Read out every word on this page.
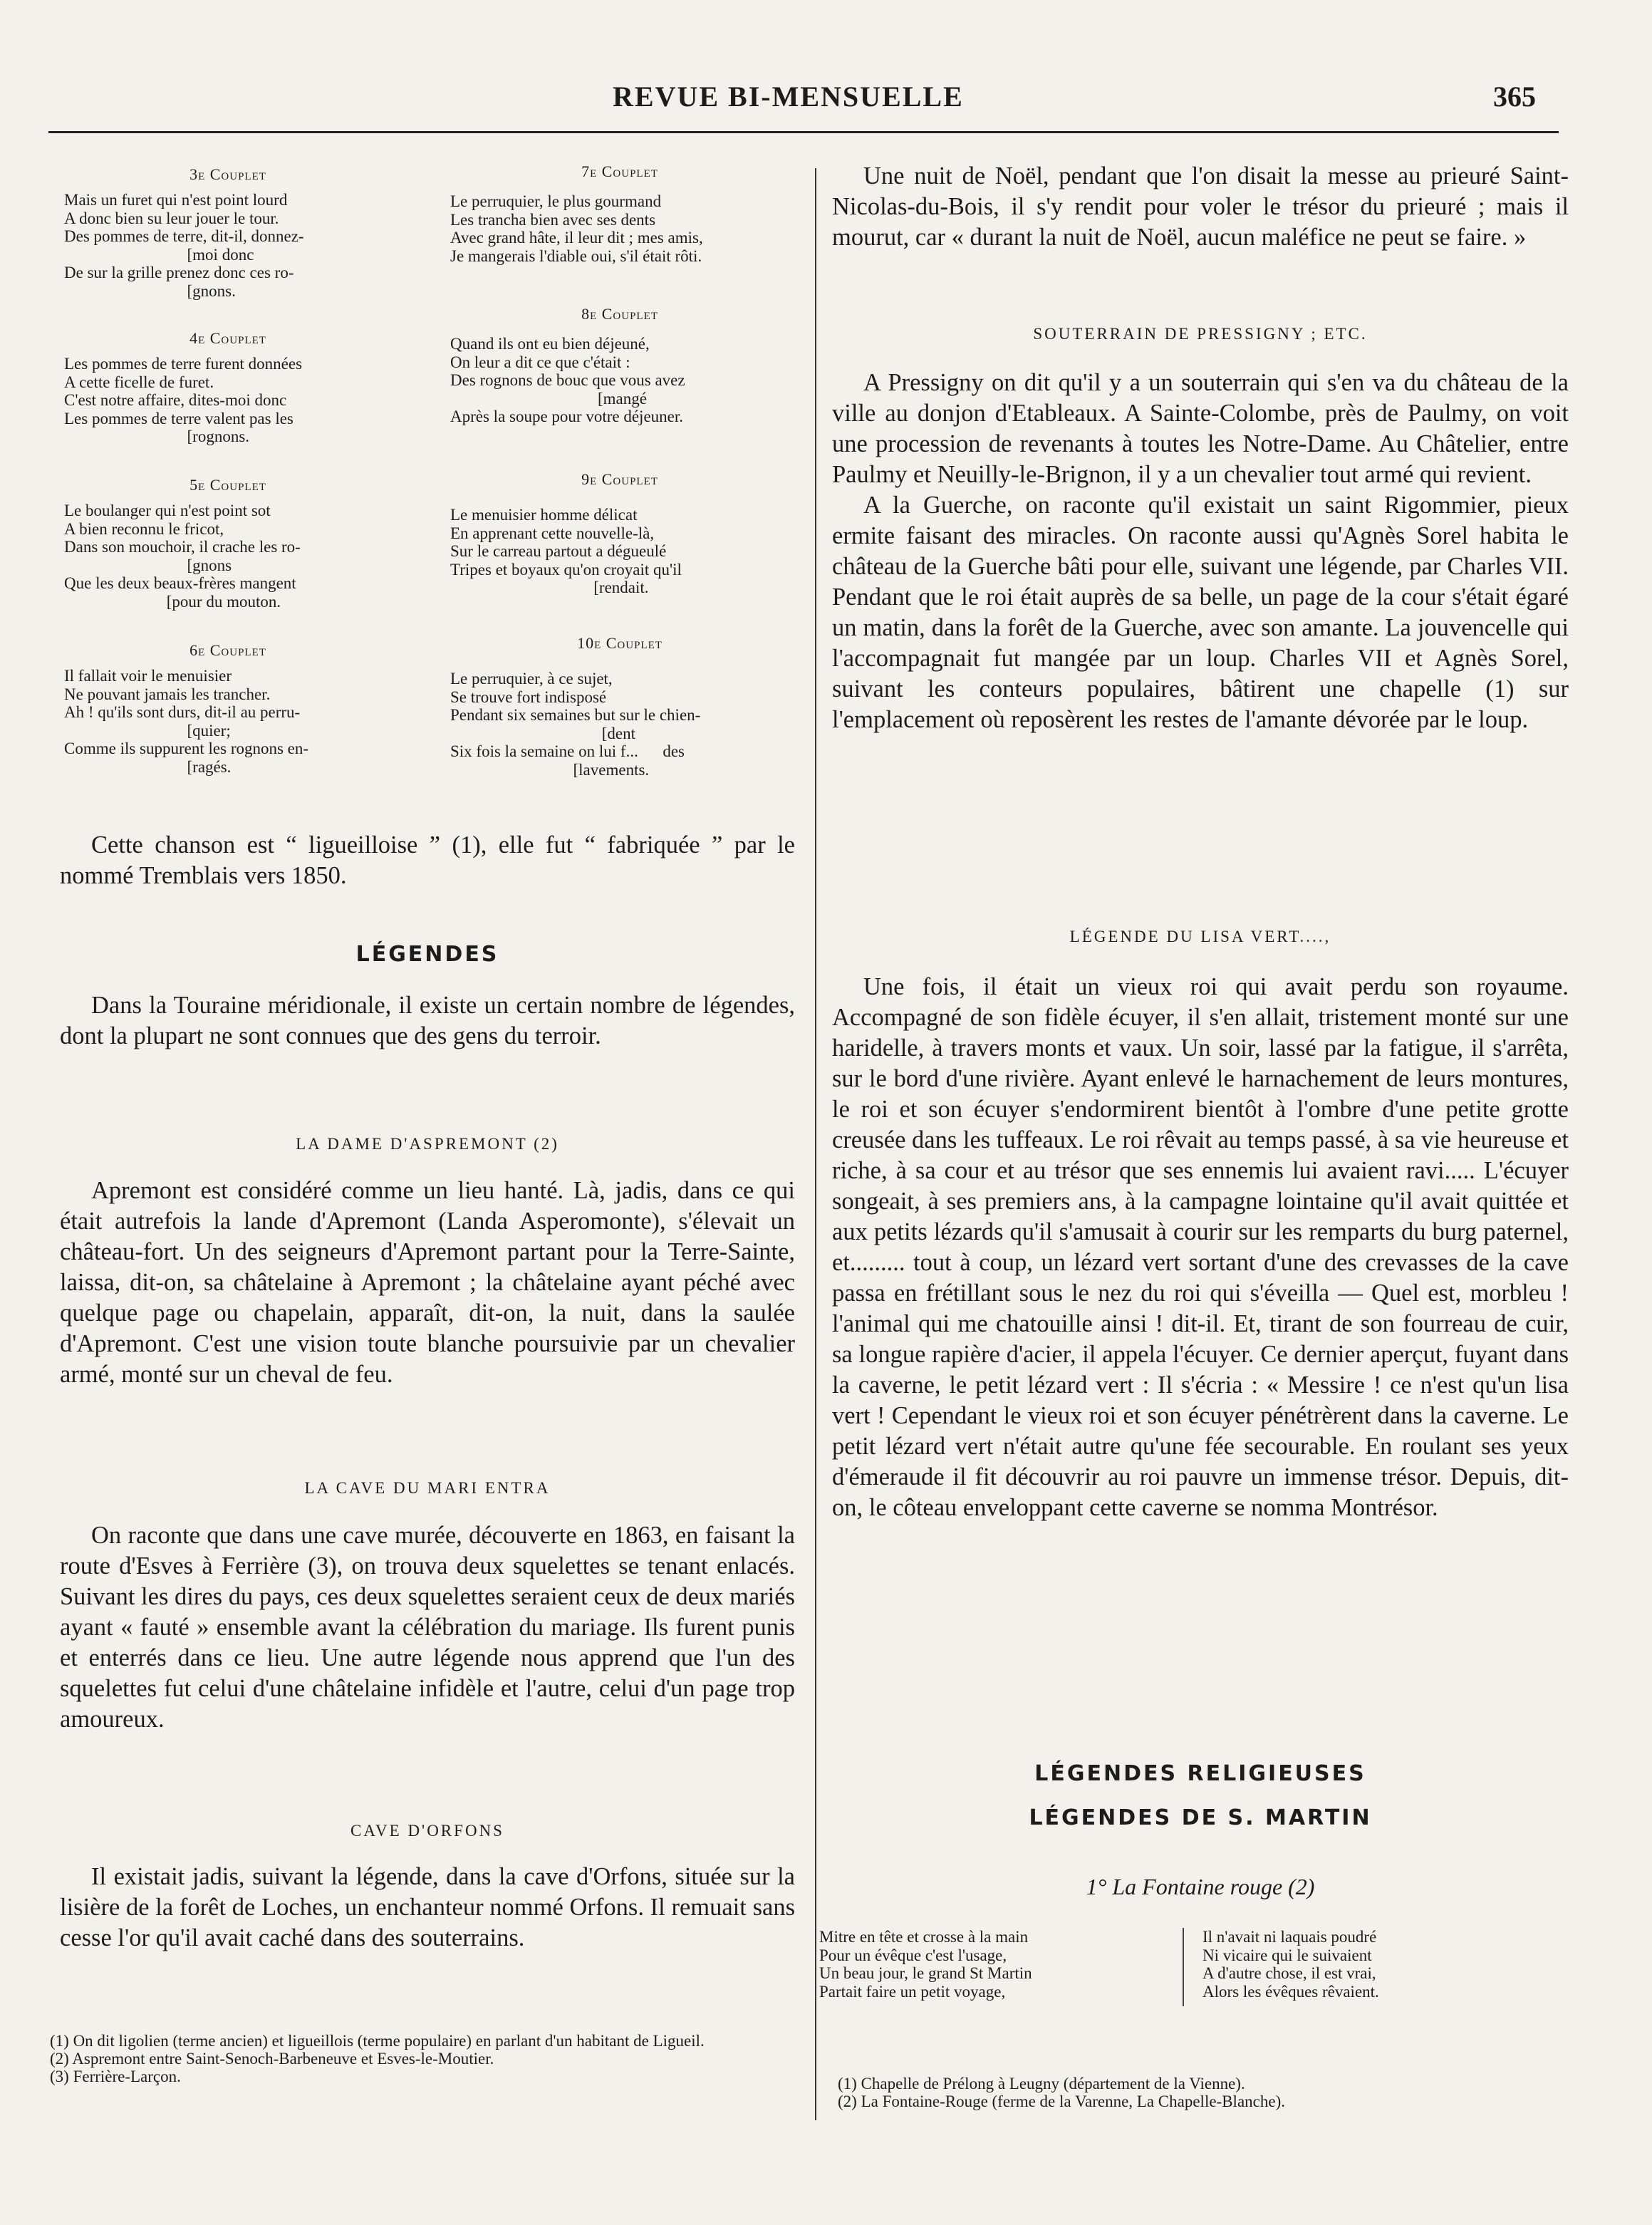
REVUE BI-MENSUELLE	365
3e Couplet
Mais un furet qui n'est point lourd
A donc bien su leur jouer le tour.
Des pommes de terre, dit-il, donnez-
[moi donc
De sur la grille prenez donc ces ro-
[gnons.
4e Couplet
Les pommes de terre furent données
A cette ficelle de furet.
C'est notre affaire, dites-moi donc
Les pommes de terre valent pas les
[rognons.
5e Couplet
Le boulanger qui n'est point sot
A bien reconnu le fricot,
Dans son mouchoir, il crache les ro-
[gnons
Que les deux beaux-frères mangent
[pour du mouton.
6e Couplet
Il fallait voir le menuisier
Ne pouvant jamais les trancher.
Ah ! qu'ils sont durs, dit-il au perru-
[quier;
Comme ils suppurent les rognons en-
[ragés.
7e Couplet
Le perruquier, le plus gourmand
Les trancha bien avec ses dents
Avec grand hâte, il leur dit ; mes amis,
Je mangerais l'diable oui, s'il était rôti.
8e Couplet
Quand ils ont eu bien déjeuné,
On leur a dit ce que c'était :
Des rognons de bouc que vous avez
[mangé
Après la soupe pour votre déjeuner.
9e Couplet
Le menuisier homme délicat
En apprenant cette nouvelle-là,
Sur le carreau partout a dégueulé
Tripes et boyaux qu'on croyait qu'il
[rendait.
10e Couplet
Le perruquier, à ce sujet,
Se trouve fort indisposé
Pendant six semaines but sur le chien-
[dent
Six fois la semaine on lui f...      des
[lavements.

Cette chanson est “ ligueilloise ” (1), elle fut “ fabriquée ” par le nommé Tremblais vers 1850.

LÉGENDES

Dans la Touraine méridionale, il existe un certain nombre de légendes, dont la plupart ne sont connues que des gens du terroir.

LA DAME D'ASPREMONT (2)

Apremont est considéré comme un lieu hanté. Là, jadis, dans ce qui était autrefois la lande d'Apremont (Landa Asperomonte), s'élevait un château-fort. Un des seigneurs d'Apremont partant pour la Terre-Sainte, laissa, dit-on, sa châtelaine à Apremont ; la châtelaine ayant péché avec quelque page ou chapelain, apparaît, dit-on, la nuit, dans la saulée d'Apremont. C'est une vision toute blanche poursuivie par un chevalier armé, monté sur un cheval de feu.

LA CAVE DU MARI ENTRA

On raconte que dans une cave murée, découverte en 1863, en faisant la route d'Esves à Ferrière (3), on trouva deux squelettes se tenant enlacés. Suivant les dires du pays, ces deux squelettes seraient ceux de deux mariés ayant « fauté » ensemble avant la célébration du mariage. Ils furent punis et enterrés dans ce lieu. Une autre légende nous apprend que l'un des squelettes fut celui d'une châtelaine infidèle et l'autre, celui d'un page trop amoureux.

CAVE D'ORFONS

Il existait jadis, suivant la légende, dans la cave d'Orfons, située sur la lisière de la forêt de Loches, un enchanteur nommé Orfons. Il remuait sans cesse l'or qu'il avait caché dans des souterrains.

(1) On dit ligolien (terme ancien) et ligueillois (terme populaire) en parlant d'un habitant de Ligueil.
(2) Aspremont entre Saint-Senoch-Barbeneuve et Esves-le-Moutier.
(3) Ferrière-Larçon.

Une nuit de Noël, pendant que l'on disait la messe au prieuré Saint-Nicolas-du-Bois, il s'y rendit pour voler le trésor du prieuré ; mais il mourut, car « durant la nuit de Noël, aucun maléfice ne peut se faire. »

SOUTERRAIN DE PRESSIGNY ; ETC.

A Pressigny on dit qu'il y a un souterrain qui s'en va du château de la ville au donjon d'Etableaux. A Sainte-Colombe, près de Paulmy, on voit une procession de revenants à toutes les Notre-Dame. Au Châtelier, entre Paulmy et Neuilly-le-Brignon, il y a un chevalier tout armé qui revient.

A la Guerche, on raconte qu'il existait un saint Rigommier, pieux ermite faisant des miracles. On raconte aussi qu'Agnès Sorel habita le château de la Guerche bâti pour elle, suivant une légende, par Charles VII. Pendant que le roi était auprès de sa belle, un page de la cour s'était égaré un matin, dans la forêt de la Guerche, avec son amante. La jouvencelle qui l'accompagnait fut mangée par un loup. Charles VII et Agnès Sorel, suivant les conteurs populaires, bâtirent une chapelle (1) sur l'emplacement où reposèrent les restes de l'amante dévorée par le loup.

LÉGENDE DU LISA VERT....,

Une fois, il était un vieux roi qui avait perdu son royaume. Accompagné de son fidèle écuyer, il s'en allait, tristement monté sur une haridelle, à travers monts et vaux. Un soir, lassé par la fatigue, il s'arrêta, sur le bord d'une rivière. Ayant enlevé le harnachement de leurs montures, le roi et son écuyer s'endormirent bientôt à l'ombre d'une petite grotte creusée dans les tuffeaux. Le roi rêvait au temps passé, à sa vie heureuse et riche, à sa cour et au trésor que ses ennemis lui avaient ravi..... L'écuyer songeait, à ses premiers ans, à la campagne lointaine qu'il avait quittée et aux petits lézards qu'il s'amusait à courir sur les remparts du burg paternel, et......... tout à coup, un lézard vert sortant d'une des crevasses de la cave passa en frétillant sous le nez du roi qui s'éveilla — Quel est, morbleu ! l'animal qui me chatouille ainsi ! dit-il. Et, tirant de son fourreau de cuir, sa longue rapière d'acier, il appela l'écuyer. Ce dernier aperçut, fuyant dans la caverne, le petit lézard vert : Il s'écria : « Messire ! ce n'est qu'un lisa vert ! Cependant le vieux roi et son écuyer pénétrèrent dans la caverne. Le petit lézard vert n'était autre qu'une fée secourable. En roulant ses yeux d'émeraude il fit découvrir au roi pauvre un immense trésor. Depuis, dit-on, le côteau enveloppant cette caverne se nomma Montrésor.

LÉGENDES RELIGIEUSES
LÉGENDES DE S. MARTIN
1° La Fontaine rouge (2)
Mitre en tête et crosse à la main
Pour un évêque c'est l'usage,
Un beau jour, le grand St Martin
Partait faire un petit voyage,
Il n'avait ni laquais poudré
Ni vicaire qui le suivaient
A d'autre chose, il est vrai,
Alors les évêques rêvaient.
(1) Chapelle de Prélong à Leugny (département de la Vienne).
(2) La Fontaine-Rouge (ferme de la Varenne, La Chapelle-Blanche).
